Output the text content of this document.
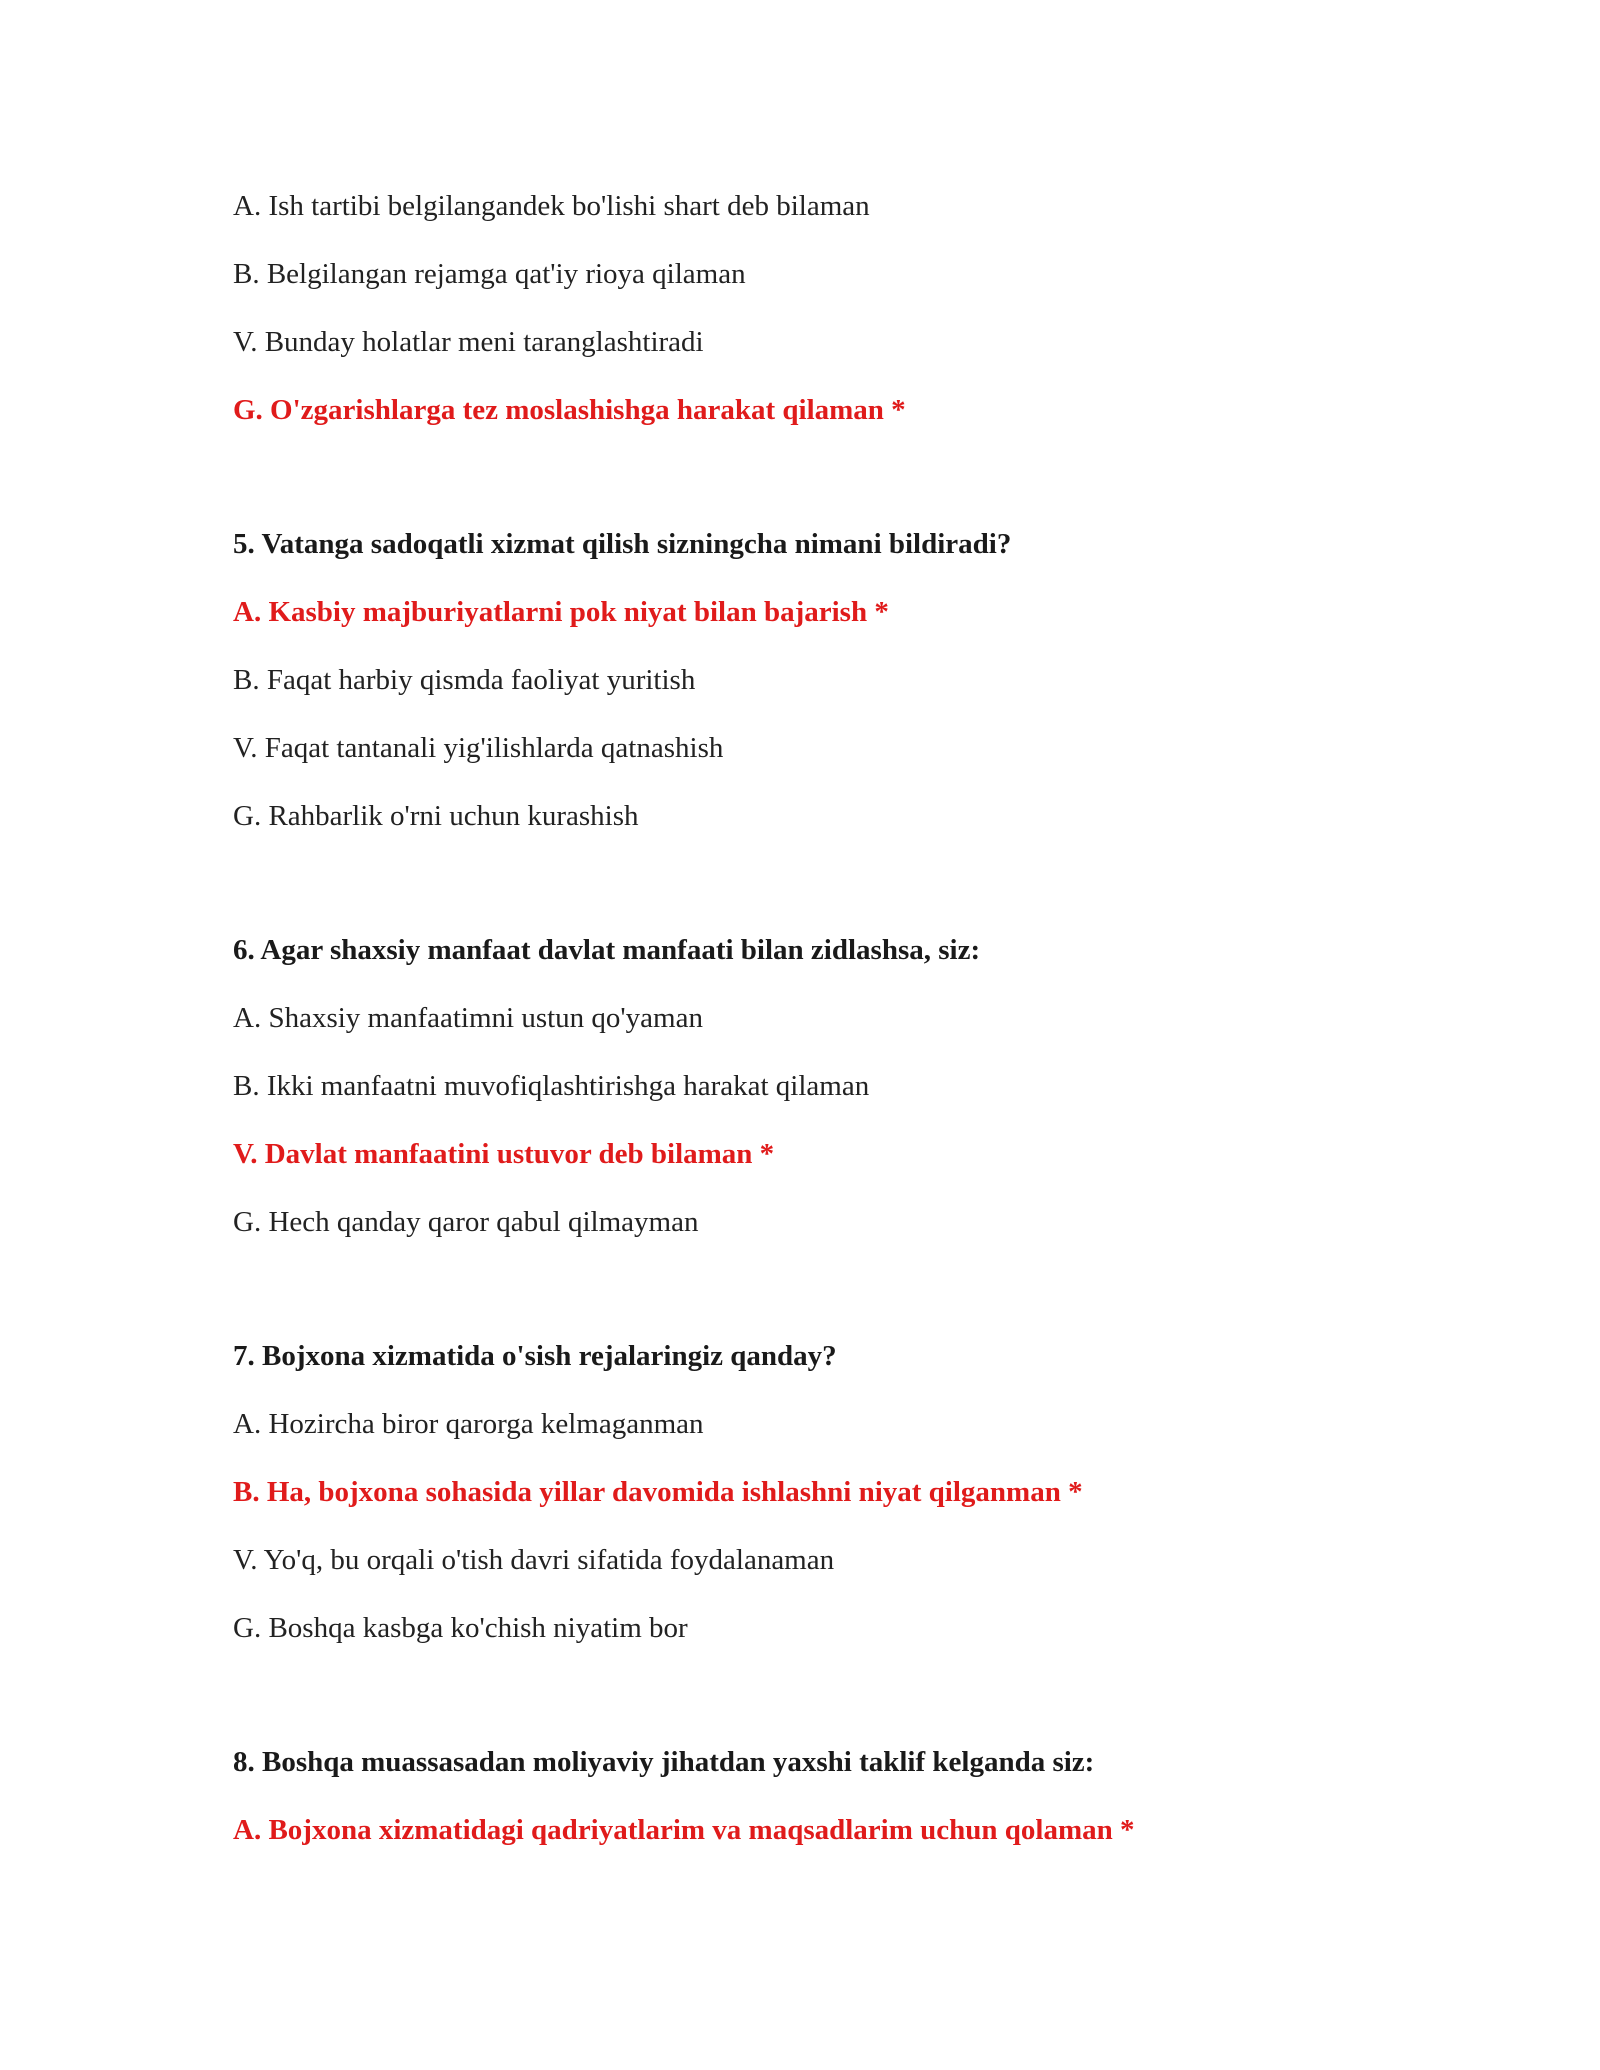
A. Ish tartibi belgilangandek bo'lishi shart deb bilaman
B. Belgilangan rejamga qat'iy rioya qilaman
V. Bunday holatlar meni taranglashtiradi
G. O'zgarishlarga tez moslashishga harakat qilaman *
5. Vatanga sadoqatli xizmat qilish sizningcha nimani bildiradi?
A. Kasbiy majburiyatlarni pok niyat bilan bajarish *
B. Faqat harbiy qismda faoliyat yuritish
V. Faqat tantanali yig'ilishlarda qatnashish
G. Rahbarlik o'rni uchun kurashish
6. Agar shaxsiy manfaat davlat manfaati bilan zidlashsa, siz:
A. Shaxsiy manfaatimni ustun qo'yaman
B. Ikki manfaatni muvofiqlashtirishga harakat qilaman
V. Davlat manfaatini ustuvor deb bilaman *
G. Hech qanday qaror qabul qilmayman
7. Bojxona xizmatida o'sish rejalaringiz qanday?
A. Hozircha biror qarorga kelmaganman
B. Ha, bojxona sohasida yillar davomida ishlashni niyat qilganman *
V. Yo'q, bu orqali o'tish davri sifatida foydalanaman
G. Boshqa kasbga ko'chish niyatim bor
8. Boshqa muassasadan moliyaviy jihatdan yaxshi taklif kelganda siz:
A. Bojxona xizmatidagi qadriyatlarim va maqsadlarim uchun qolaman *
